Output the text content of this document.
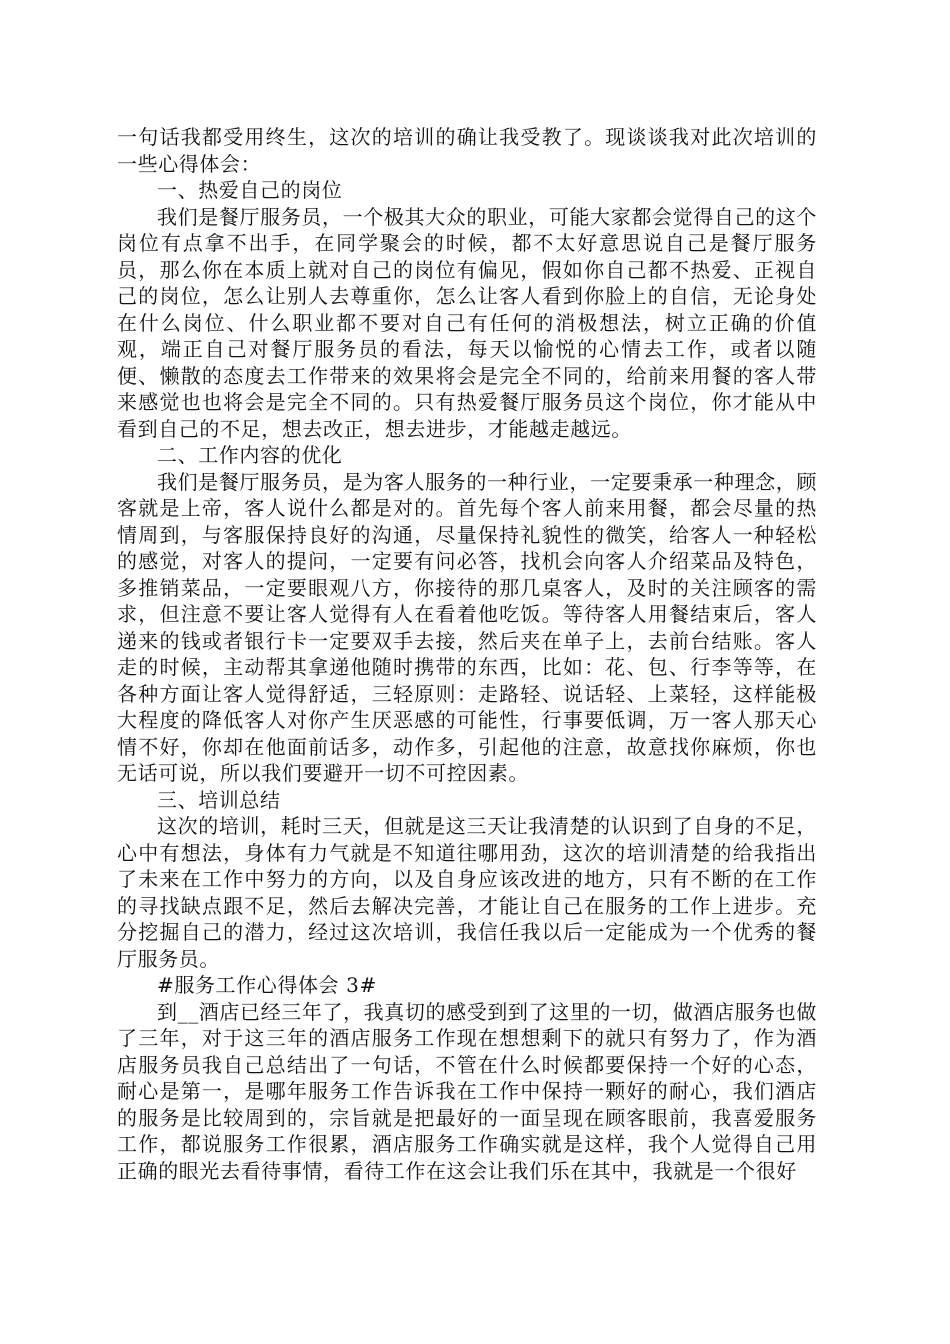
一句话我都受用终生，这次的培训的确让我受教了。现谈谈我对此次培训的一些心得体会：

一、热爱自己的岗位

我们是餐厅服务员，一个极其大众的职业，可能大家都会觉得自己的这个岗位有点拿不出手，在同学聚会的时候，都不太好意思说自己是餐厅服务员，那么你在本质上就对自己的岗位有偏见，假如你自己都不热爱、正视自己的岗位，怎么让别人去尊重你，怎么让客人看到你脸上的自信，无论身处在什么岗位、什么职业都不要对自己有任何的消极想法，树立正确的价值观，端正自己对餐厅服务员的看法，每天以愉悦的心情去工作，或者以随便、懒散的态度去工作带来的效果将会是完全不同的，给前来用餐的客人带来感觉也也将会是完全不同的。只有热爱餐厅服务员这个岗位，你才能从中看到自己的不足，想去改正，想去进步，才能越走越远。

二、工作内容的优化

我们是餐厅服务员，是为客人服务的一种行业，一定要秉承一种理念，顾客就是上帝，客人说什么都是对的。首先每个客人前来用餐，都会尽量的热情周到，与客服保持良好的沟通，尽量保持礼貌性的微笑，给客人一种轻松的感觉，对客人的提问，一定要有问必答，找机会向客人介绍菜品及特色，多推销菜品，一定要眼观八方，你接待的那几桌客人，及时的关注顾客的需求，但注意不要让客人觉得有人在看着他吃饭。等待客人用餐结束后，客人递来的钱或者银行卡一定要双手去接，然后夹在单子上，去前台结账。客人走的时候，主动帮其拿递他随时携带的东西，比如：花、包、行李等等，在各种方面让客人觉得舒适，三轻原则：走路轻、说话轻、上菜轻，这样能极大程度的降低客人对你产生厌恶感的可能性，行事要低调，万一客人那天心情不好，你却在他面前话多，动作多，引起他的注意，故意找你麻烦，你也无话可说，所以我们要避开一切不可控因素。

三、培训总结

这次的培训，耗时三天，但就是这三天让我清楚的认识到了自身的不足，心中有想法，身体有力气就是不知道往哪用劲，这次的培训清楚的给我指出了未来在工作中努力的方向，以及自身应该改进的地方，只有不断的在工作的寻找缺点跟不足，然后去解决完善，才能让自己在服务的工作上进步。充分挖掘自己的潜力，经过这次培训，我信任我以后一定能成为一个优秀的餐厅服务员。

#服务工作心得体会 3#

到__酒店已经三年了，我真切的感受到到了这里的一切，做酒店服务也做了三年，对于这三年的酒店服务工作现在想想剩下的就只有努力了，作为酒店服务员我自己总结出了一句话，不管在什么时候都要保持一个好的心态，耐心是第一，是哪年服务工作告诉我在工作中保持一颗好的耐心，我们酒店的服务是比较周到的，宗旨就是把最好的一面呈现在顾客眼前，我喜爱服务工作，都说服务工作很累，酒店服务工作确实就是这样，我个人觉得自己用正确的眼光去看待事情，看待工作在这会让我们乐在其中，我就是一个很好
